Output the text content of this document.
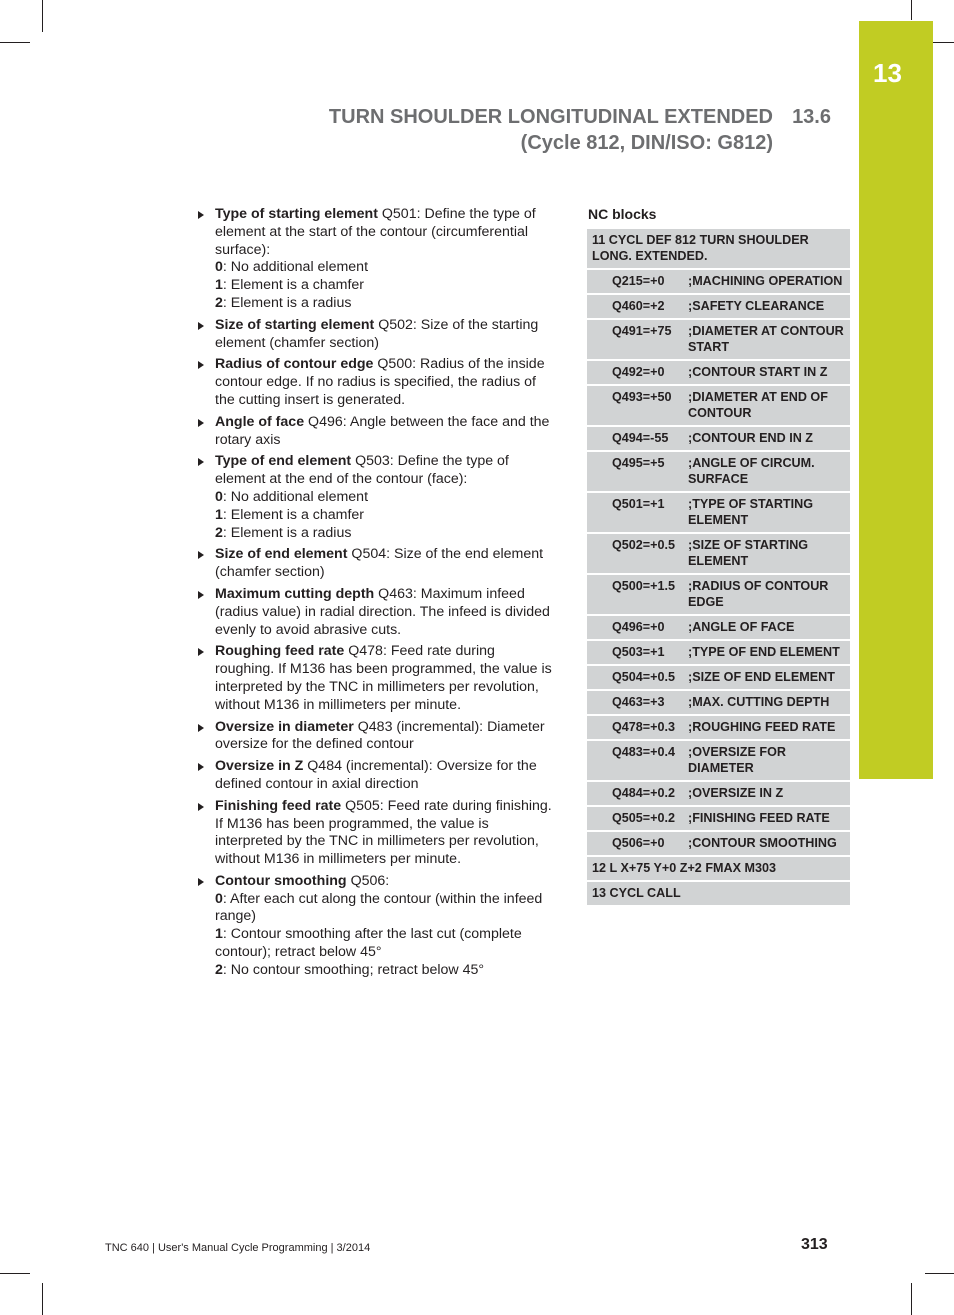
13
TURN SHOULDER LONGITUDINAL EXTENDED 13.6
(Cycle 812, DIN/ISO: G812)
Type of starting element Q501: Define the type of element at the start of the contour (circumferential surface):
0: No additional element
1: Element is a chamfer
2: Element is a radius
Size of starting element Q502: Size of the starting element (chamfer section)
Radius of contour edge Q500: Radius of the inside contour edge. If no radius is specified, the radius of the cutting insert is generated.
Angle of face Q496: Angle between the face and the rotary axis
Type of end element Q503: Define the type of element at the end of the contour (face):
0: No additional element
1: Element is a chamfer
2: Element is a radius
Size of end element Q504: Size of the end element (chamfer section)
Maximum cutting depth Q463: Maximum infeed (radius value) in radial direction. The infeed is divided evenly to avoid abrasive cuts.
Roughing feed rate Q478: Feed rate during roughing. If M136 has been programmed, the value is interpreted by the TNC in millimeters per revolution, without M136 in millimeters per minute.
Oversize in diameter Q483 (incremental): Diameter oversize for the defined contour
Oversize in Z Q484 (incremental): Oversize for the defined contour in axial direction
Finishing feed rate Q505: Feed rate during finishing. If M136 has been programmed, the value is interpreted by the TNC in millimeters per revolution, without M136 in millimeters per minute.
Contour smoothing Q506:
0: After each cut along the contour (within the infeed range)
1: Contour smoothing after the last cut (complete contour); retract below 45°
2: No contour smoothing; retract below 45°
NC blocks
11 CYCL DEF 812 TURN SHOULDER LONG. EXTENDED.	
Q215=+0	;MACHINING OPERATION
Q460=+2	;SAFETY CLEARANCE
Q491=+75	;DIAMETER AT CONTOUR START
Q492=+0	;CONTOUR START IN Z
Q493=+50	;DIAMETER AT END OF CONTOUR
Q494=-55	;CONTOUR END IN Z
Q495=+5	;ANGLE OF CIRCUM. SURFACE
Q501=+1	;TYPE OF STARTING ELEMENT
Q502=+0.5	;SIZE OF STARTING ELEMENT
Q500=+1.5	;RADIUS OF CONTOUR EDGE
Q496=+0	;ANGLE OF FACE
Q503=+1	;TYPE OF END ELEMENT
Q504=+0.5	;SIZE OF END ELEMENT
Q463=+3	;MAX. CUTTING DEPTH
Q478=+0.3	;ROUGHING FEED RATE
Q483=+0.4	;OVERSIZE FOR DIAMETER
Q484=+0.2	;OVERSIZE IN Z
Q505=+0.2	;FINISHING FEED RATE
Q506=+0	;CONTOUR SMOOTHING
12 L X+75 Y+0 Z+2 FMAX M303	
13 CYCL CALL	
TNC 640 | User's Manual Cycle Programming | 3/2014	313
